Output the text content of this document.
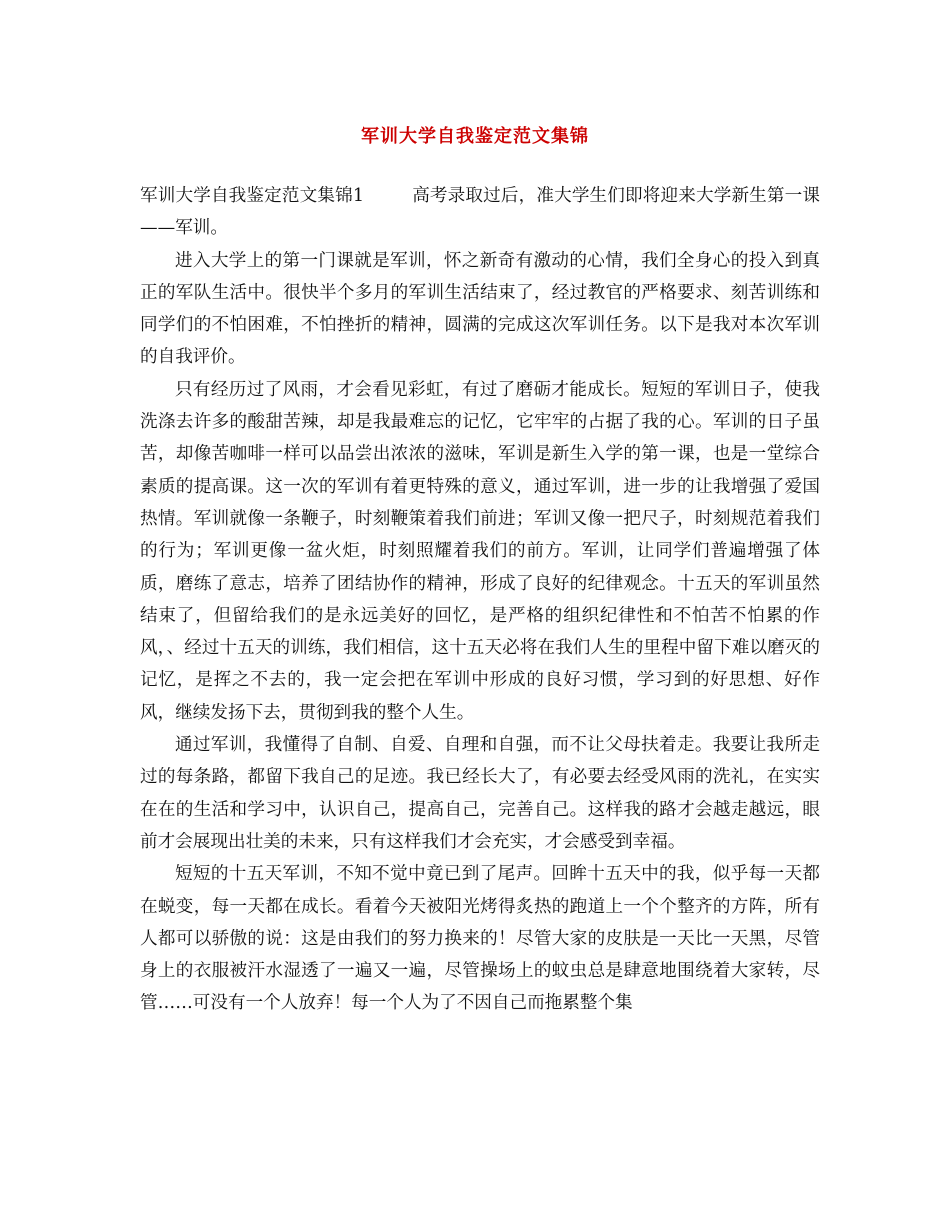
军训大学自我鉴定范文集锦

军训大学自我鉴定范文集锦1	高考录取过后，准大学生们即将迎来大学新生第一课——军训。

进入大学上的第一门课就是军训，怀之新奇有激动的心情，我们全身心的投入到真正的军队生活中。很快半个多月的军训生活结束了，经过教官的严格要求、刻苦训练和同学们的不怕困难，不怕挫折的精神，圆满的完成这次军训任务。以下是我对本次军训的自我评价。

只有经历过了风雨，才会看见彩虹，有过了磨砺才能成长。短短的军训日子，使我洗涤去许多的酸甜苦辣，却是我最难忘的记忆，它牢牢的占据了我的心。军训的日子虽苦，却像苦咖啡一样可以品尝出浓浓的滋味，军训是新生入学的第一课，也是一堂综合素质的提高课。这一次的军训有着更特殊的意义，通过军训，进一步的让我增强了爱国热情。军训就像一条鞭子，时刻鞭策着我们前进；军训又像一把尺子，时刻规范着我们的行为；军训更像一盆火炬，时刻照耀着我们的前方。军训，让同学们普遍增强了体质，磨练了意志，培养了团结协作的精神，形成了良好的纪律观念。十五天的军训虽然结束了，但留给我们的是永远美好的回忆，是严格的组织纪律性和不怕苦不怕累的作风，、经过十五天的训练，我们相信，这十五天必将在我们人生的里程中留下难以磨灭的记忆，是挥之不去的，我一定会把在军训中形成的良好习惯，学习到的好思想、好作风，继续发扬下去，贯彻到我的整个人生。

通过军训，我懂得了自制、自爱、自理和自强，而不让父母扶着走。我要让我所走过的每条路，都留下我自己的足迹。我已经长大了，有必要去经受风雨的洗礼，在实实在在的生活和学习中，认识自己，提高自己，完善自己。这样我的路才会越走越远，眼前才会展现出壮美的未来，只有这样我们才会充实，才会感受到幸福。

短短的十五天军训，不知不觉中竟已到了尾声。回眸十五天中的我，似乎每一天都在蜕变，每一天都在成长。看着今天被阳光烤得炙热的跑道上一个个整齐的方阵，所有人都可以骄傲的说：这是由我们的努力换来的！尽管大家的皮肤是一天比一天黑，尽管身上的衣服被汗水湿透了一遍又一遍，尽管操场上的蚊虫总是肆意地围绕着大家转，尽管……可没有一个人放弃！每一个人为了不因自己而拖累整个集
